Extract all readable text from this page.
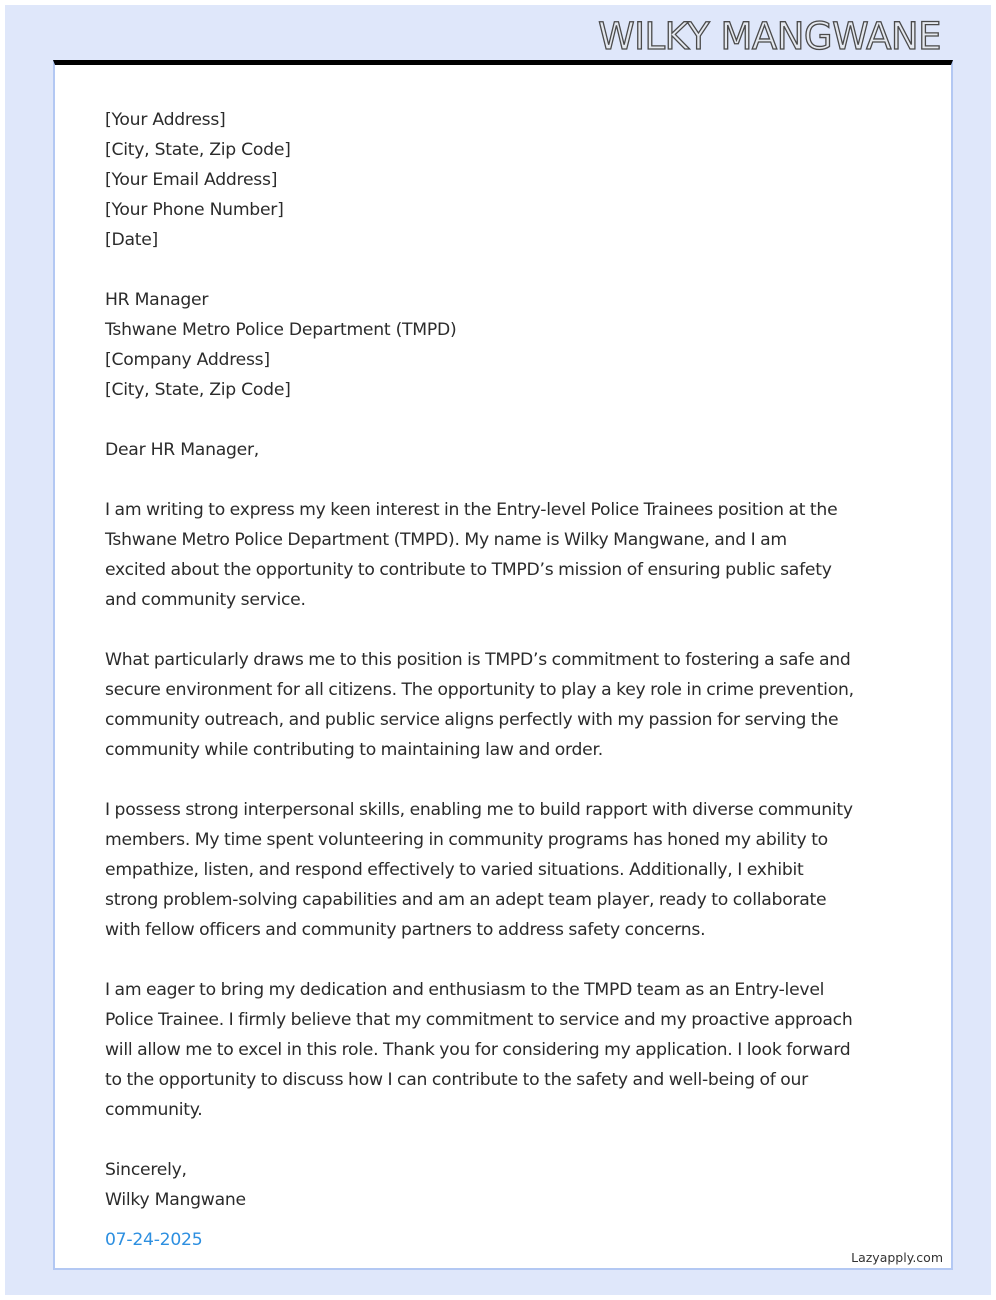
WILKY MANGWANE
[Your Address]
[City, State, Zip Code]
[Your Email Address]
[Your Phone Number]
[Date]
HR Manager
Tshwane Metro Police Department (TMPD)
[Company Address]
[City, State, Zip Code]
Dear HR Manager,
I am writing to express my keen interest in the Entry-level Police Trainees position at the
Tshwane Metro Police Department (TMPD). My name is Wilky Mangwane, and I am
excited about the opportunity to contribute to TMPD’s mission of ensuring public safety
and community service.
What particularly draws me to this position is TMPD’s commitment to fostering a safe and
secure environment for all citizens. The opportunity to play a key role in crime prevention,
community outreach, and public service aligns perfectly with my passion for serving the
community while contributing to maintaining law and order.
I possess strong interpersonal skills, enabling me to build rapport with diverse community
members. My time spent volunteering in community programs has honed my ability to
empathize, listen, and respond effectively to varied situations. Additionally, I exhibit
strong problem-solving capabilities and am an adept team player, ready to collaborate
with fellow officers and community partners to address safety concerns.
I am eager to bring my dedication and enthusiasm to the TMPD team as an Entry-level
Police Trainee. I firmly believe that my commitment to service and my proactive approach
will allow me to excel in this role. Thank you for considering my application. I look forward
to the opportunity to discuss how I can contribute to the safety and well-being of our
community.
Sincerely,
Wilky Mangwane
07-24-2025
Lazyapply.com
